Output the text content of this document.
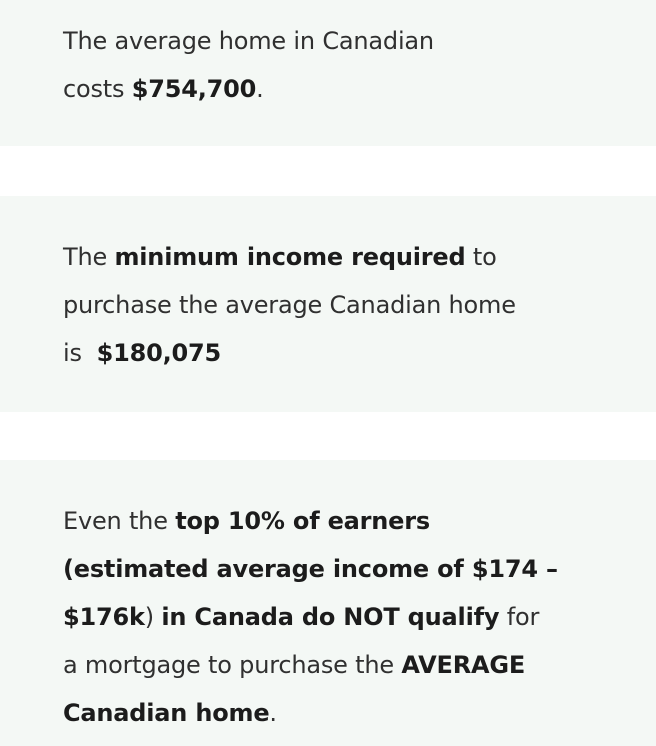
The average home in Canadian
costs $754,700.
The minimum income required to
purchase the average Canadian home
is  $180,075
Even the top 10% of earners
(estimated average income of $174 –
$176k) in Canada do NOT qualify for
a mortgage to purchase the AVERAGE
Canadian home.
